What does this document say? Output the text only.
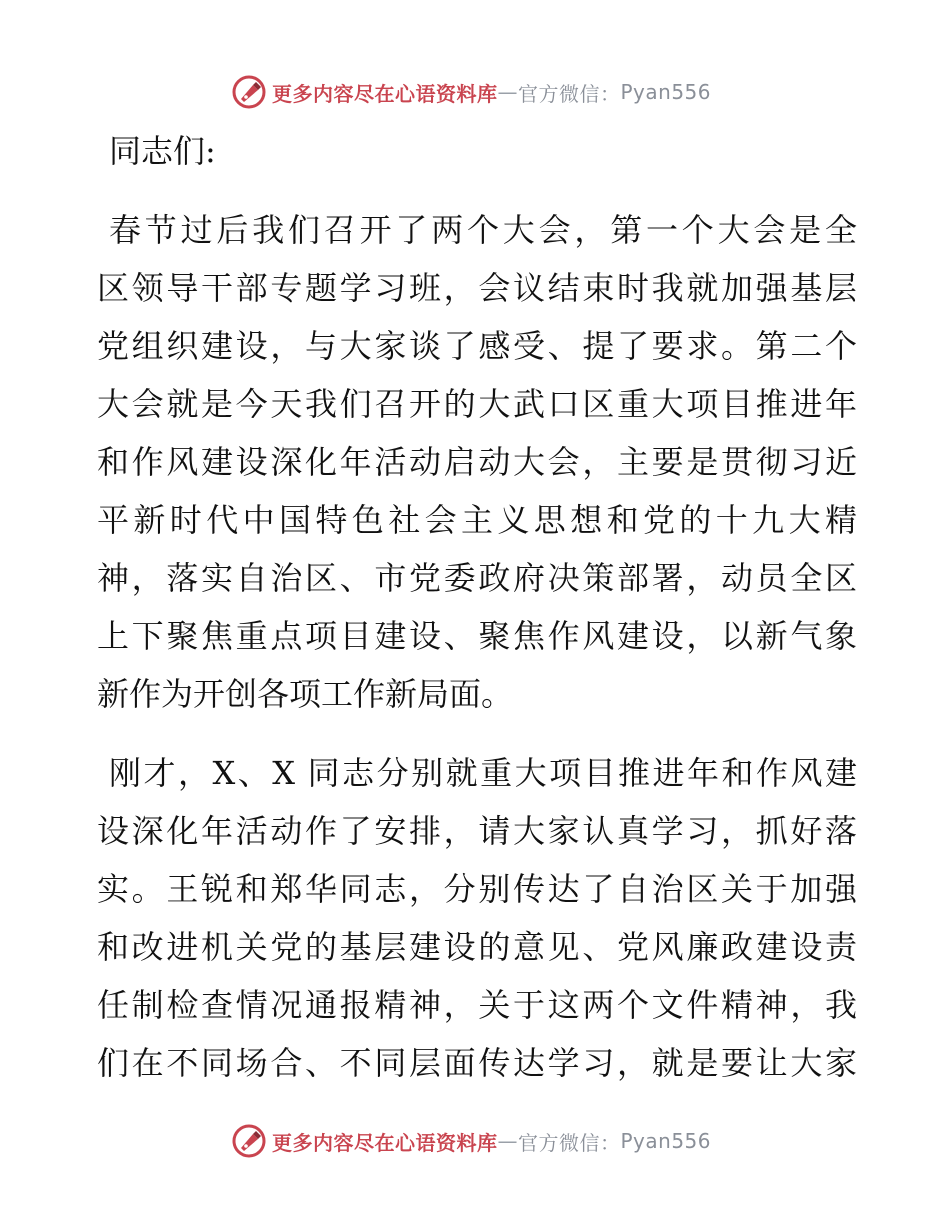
更多内容尽在心语资料库 — 官方微信： Pyan556
同志们:
春节过后我们召开了两个大会，第一个大会是全
区领导干部专题学习班，会议结束时我就加强基层
党组织建设，与大家谈了感受、提了要求。第二个
大会就是今天我们召开的大武口区重大项目推进年
和作风建设深化年活动启动大会，主要是贯彻习近
平新时代中国特色社会主义思想和党的十九大精
神，落实自治区、市党委政府决策部署，动员全区
上下聚焦重点项目建设、聚焦作风建设，以新气象
新作为开创各项工作新局面。
刚才，X、X 同志分别就重大项目推进年和作风建
设深化年活动作了安排，请大家认真学习，抓好落
实。王锐和郑华同志，分别传达了自治区关于加强
和改进机关党的基层建设的意见、党风廉政建设责
任制检查情况通报精神，关于这两个文件精神，我
们在不同场合、不同层面传达学习，就是要让大家
更多内容尽在心语资料库 — 官方微信： Pyan556
